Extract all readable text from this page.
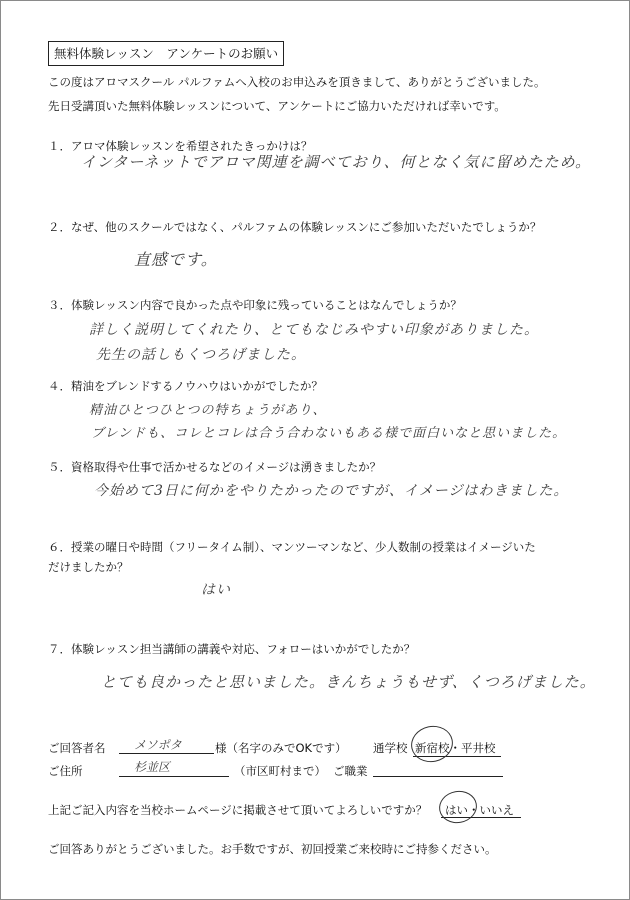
無料体験レッスン　アンケートのお願い
この度はアロマスクール パルファムへ入校のお申込みを頂きまして、ありがとうございました。
先日受講頂いた無料体験レッスンについて、アンケートにご協力いただければ幸いです。
１．アロマ体験レッスンを希望されたきっかけは？
インターネットでアロマ関連を調べており、何となく気に留めたため。
２．なぜ、他のスクールではなく、パルファムの体験レッスンにご参加いただいたでしょうか？
直感です。
３．体験レッスン内容で良かった点や印象に残っていることはなんでしょうか？
詳しく説明してくれたり、とてもなじみやすい印象がありました。
先生の話しもくつろげました。
４．精油をブレンドするノウハウはいかがでしたか？
精油ひとつひとつの特ちょうがあり、
ブレンドも、コレとコレは合う合わないもある様で面白いなと思いました。
５．資格取得や仕事で活かせるなどのイメージは湧きましたか？
今始めて3日に何かをやりたかったのですが、イメージはわきました。
６．授業の曜日や時間（フリータイム制）、マンツーマンなど、少人数制の授業はイメージいた
だけましたか？
はい
７．体験レッスン担当講師の講義や対応、フォローはいかがでしたか？
とても良かったと思いました。きんちょうもせず、くつろげました。
ご回答者名 メソポタ	様（名字のみでOKです） 通学校 新宿校・平井校
ご住所	杉並区	（市区町村まで） ご職業
上記ご記入内容を当校ホームページに掲載させて頂いてよろしいですか？ はい・いいえ
ご回答ありがとうございました。お手数ですが、初回授業ご来校時にご持参ください。
